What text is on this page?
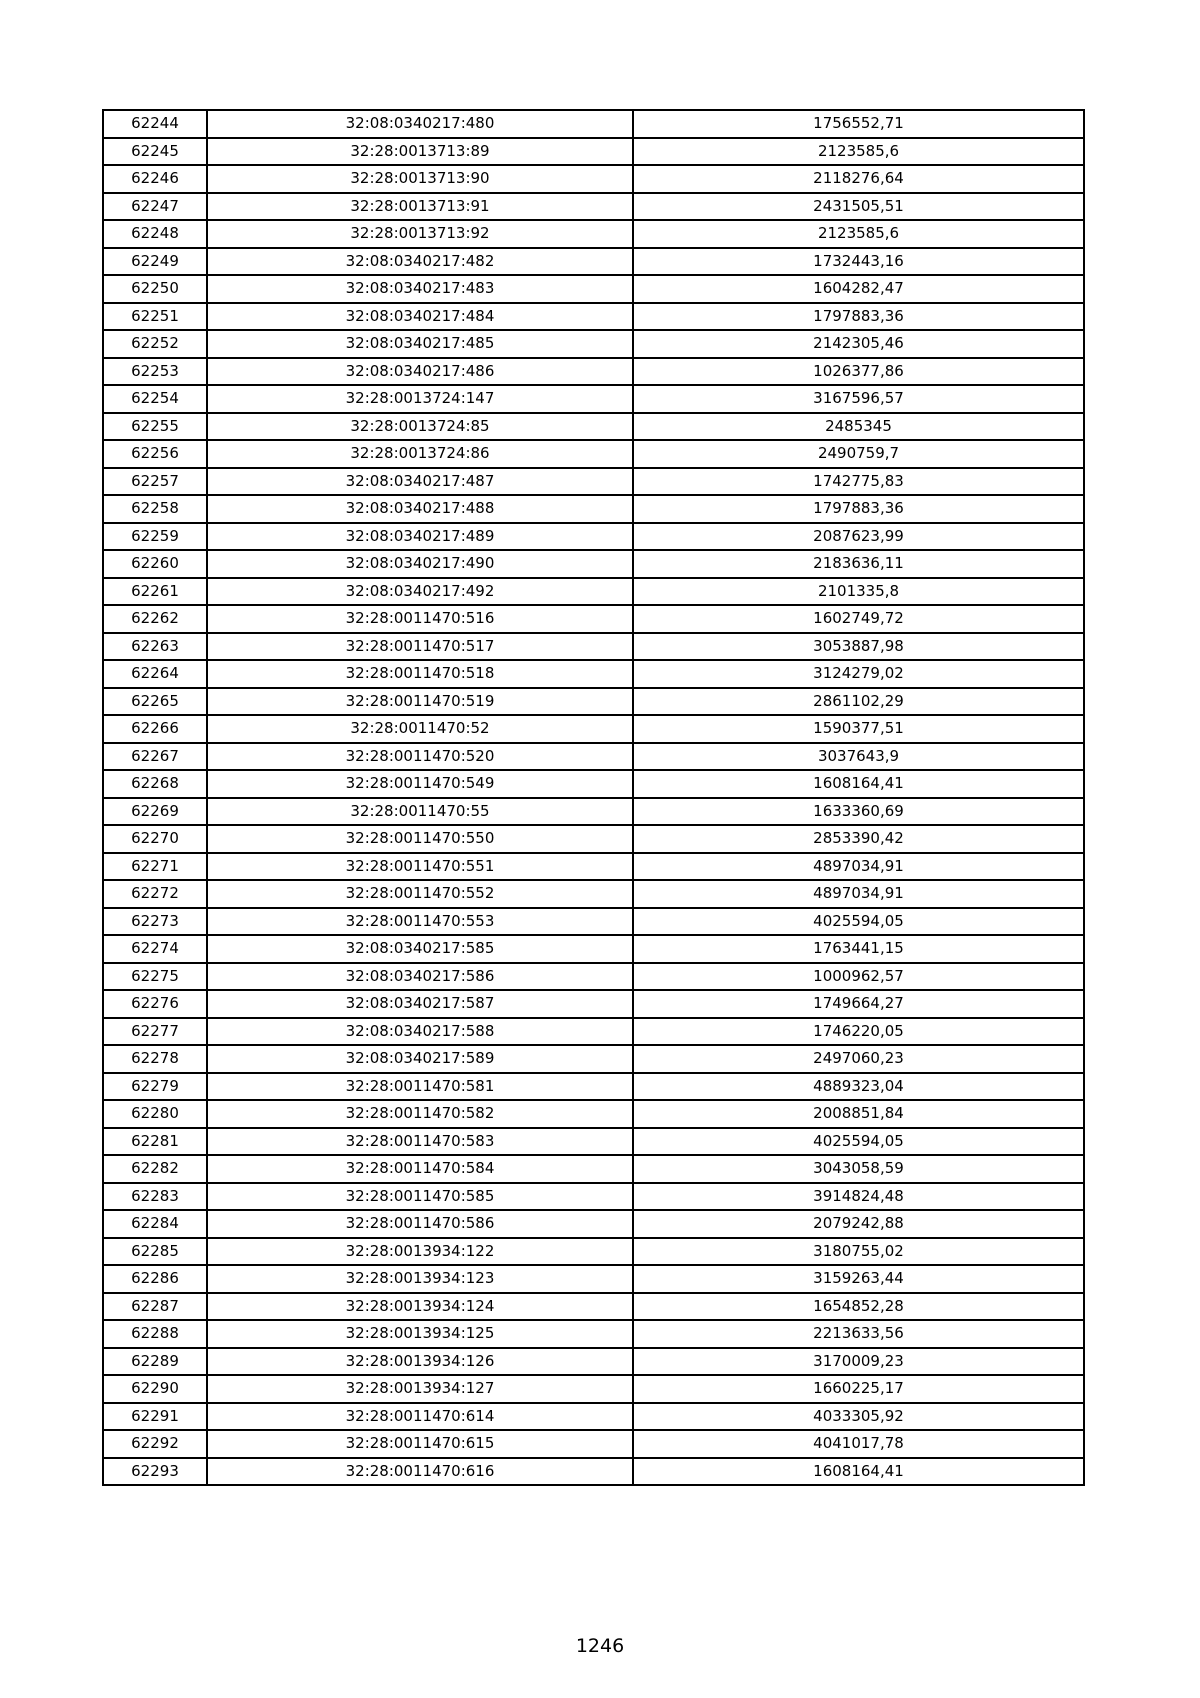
62244	32:08:0340217:480	1756552,71
62245	32:28:0013713:89	2123585,6
62246	32:28:0013713:90	2118276,64
62247	32:28:0013713:91	2431505,51
62248	32:28:0013713:92	2123585,6
62249	32:08:0340217:482	1732443,16
62250	32:08:0340217:483	1604282,47
62251	32:08:0340217:484	1797883,36
62252	32:08:0340217:485	2142305,46
62253	32:08:0340217:486	1026377,86
62254	32:28:0013724:147	3167596,57
62255	32:28:0013724:85	2485345
62256	32:28:0013724:86	2490759,7
62257	32:08:0340217:487	1742775,83
62258	32:08:0340217:488	1797883,36
62259	32:08:0340217:489	2087623,99
62260	32:08:0340217:490	2183636,11
62261	32:08:0340217:492	2101335,8
62262	32:28:0011470:516	1602749,72
62263	32:28:0011470:517	3053887,98
62264	32:28:0011470:518	3124279,02
62265	32:28:0011470:519	2861102,29
62266	32:28:0011470:52	1590377,51
62267	32:28:0011470:520	3037643,9
62268	32:28:0011470:549	1608164,41
62269	32:28:0011470:55	1633360,69
62270	32:28:0011470:550	2853390,42
62271	32:28:0011470:551	4897034,91
62272	32:28:0011470:552	4897034,91
62273	32:28:0011470:553	4025594,05
62274	32:08:0340217:585	1763441,15
62275	32:08:0340217:586	1000962,57
62276	32:08:0340217:587	1749664,27
62277	32:08:0340217:588	1746220,05
62278	32:08:0340217:589	2497060,23
62279	32:28:0011470:581	4889323,04
62280	32:28:0011470:582	2008851,84
62281	32:28:0011470:583	4025594,05
62282	32:28:0011470:584	3043058,59
62283	32:28:0011470:585	3914824,48
62284	32:28:0011470:586	2079242,88
62285	32:28:0013934:122	3180755,02
62286	32:28:0013934:123	3159263,44
62287	32:28:0013934:124	1654852,28
62288	32:28:0013934:125	2213633,56
62289	32:28:0013934:126	3170009,23
62290	32:28:0013934:127	1660225,17
62291	32:28:0011470:614	4033305,92
62292	32:28:0011470:615	4041017,78
62293	32:28:0011470:616	1608164,41
1246
